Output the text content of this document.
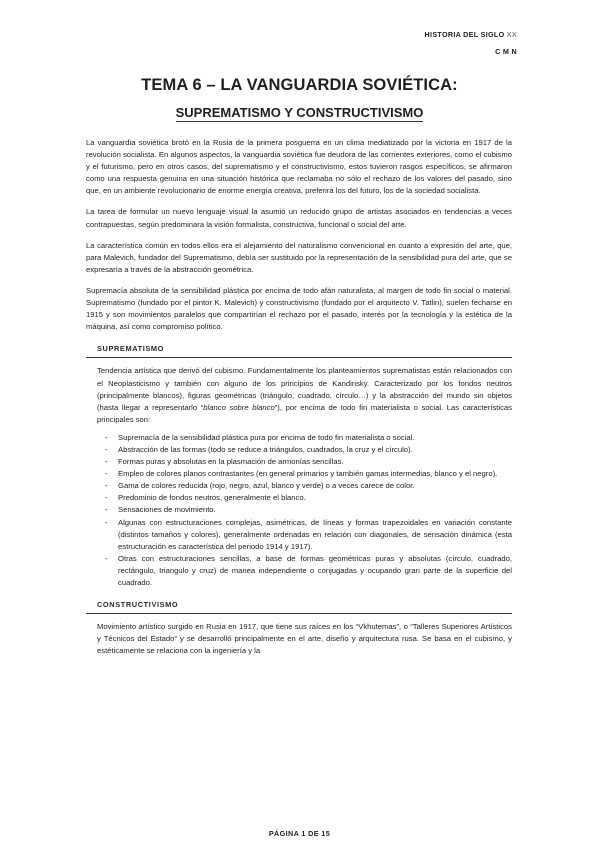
HISTORIA DEL SIGLO XX
C M N
TEMA 6 – LA VANGUARDIA SOVIÉTICA:
SUPREMATISMO Y CONSTRUCTIVISMO

La vanguardia soviética brotó en la Rusia de la primera posguerra en un clima mediatizado por la victoria en 1917 de la revolución socialista. En algunos aspectos, la vanguardia soviética fue deudora de las corrientes exteriores, como el cubismo y el futurismo, pero en otros casos, del suprematismo y el constructivismo, estos tuvieron rasgos específicos, se afirmaron como una respuesta genuina en una situación histórica que reclamaba no sólo el rechazo de los valores del pasado, sino que, en un ambiente revolucionario de enorme energía creativa, preferirá los del futuro, los de la sociedad socialista.

La tarea de formular un nuevo lenguaje visual la asumió un reducido grupo de artistas asociados en tendencias a veces contrapuestas, según predominara la visión formalista, constructiva, funcional o social del arte.

La característica común en todos ellos era el alejamiento del naturalismo convencional en cuanto a expresión del arte, que, para Malevich, fundador del Suprematismo, debía ser sustituido por la representación de la sensibilidad pura del arte, que se expresaría a través de la abstracción geométrica.

Supremacía absoluta de la sensibilidad plástica por encima de todo afán naturalista, al margen de todo fin social o material. Suprematismo (fundado por el pintor K. Malevich) y constructivismo (fundado por el arquitecto V. Tatlin), suelen fecharse en 1915 y son movimientos paralelos que compartirían el rechazo por el pasado, interés por la tecnología y la estética de la máquina, así como compromiso político.

SUPREMATISMO

Tendencia artística que derivó del cubismo. Fundamentalmente los planteamientos suprematistas están relacionados con el Neoplasticismo y también con alguno de los principios de Kandinsky. Caracterizado por los fondos neutros (principalmente blancos), figuras geométricas (triángulo, cuadrado, círculo…) y la abstracción del mundo sin objetos (hasta llegar a representarlo “blanco sobre blanco”), por encima de todo fin materialista o social. Las características principales son:

- Supremacía de la sensibilidad plástica pura por encima de todo fin materialista o social.
- Abstracción de las formas (todo se reduce a triángulos, cuadrados, la cruz y el círculo).
- Formas puras y absolutas en la plasmación de armonías sencillas.
- Empleo de colores planos contrastantes (en general primarios y también gamas intermedias, blanco y el negro).
- Gama de colores reducida (rojo, negro, azul, blanco y verde) o a veces carece de color.
- Predominio de fondos neutros, generalmente el blanco.
- Sensaciones de movimiento.
- Algunas con estructuraciones complejas, asimétricas, de líneas y formas trapezoidales en variación constante (distintos tamaños y colores), generalmente ordenadas en relación con diagonales, de sensación dinámica (esta estructuración es característica del periodo 1914 y 1917).
- Otras con estructuraciones sencillas, a base de formas geométricas puras y absolutas (círculo, cuadrado, rectángulo, triangulo y cruz) de manea independiente o conjugadas y ocupando gran parte de la superficie del cuadrado.
CONSTRUCTIVISMO

Movimiento artístico surgido en Rusia en 1917, que tiene sus raíces en los “Vkhutemas”, o “Talleres Superiores Artísticos y Técnicos del Estado” y se desarrolló principalmente en el arte, diseño y arquitectura rusa. Se basa en el cubismo, y estéticamente se relaciona con la ingeniería y la

PÁGINA 1 DE 15
